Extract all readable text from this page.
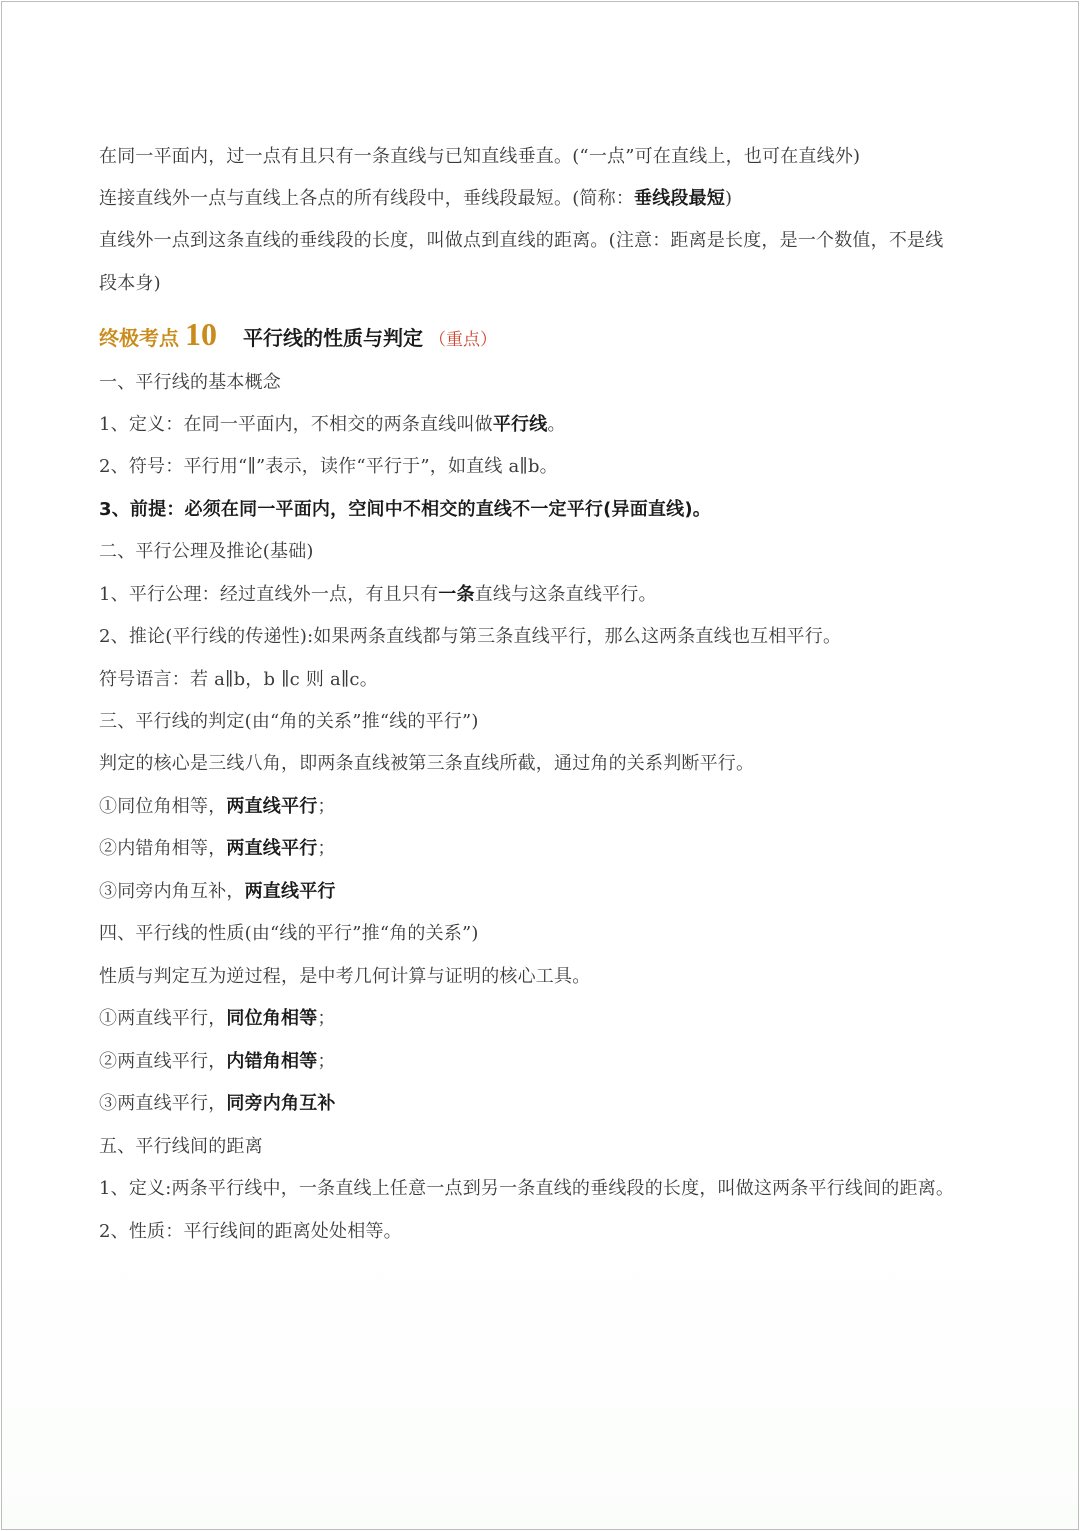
在同一平面内，过一点有且只有一条直线与已知直线垂直。(“一点”可在直线上，也可在直线外)
连接直线外一点与直线上各点的所有线段中，垂线段最短。(简称：垂线段最短)
直线外一点到这条直线的垂线段的长度，叫做点到直线的距离。(注意：距离是长度，是一个数值，不是线
段本身)
终极考点 10 平行线的性质与判定 （重点）
一、平行线的基本概念
1、定义：在同一平面内，不相交的两条直线叫做平行线。
2、符号：平行用“∥”表示，读作“平行于”，如直线 a∥b。
3、前提：必须在同一平面内，空间中不相交的直线不一定平行(异面直线)。
二、平行公理及推论(基础)
1、平行公理：经过直线外一点，有且只有一条直线与这条直线平行。
2、推论(平行线的传递性):如果两条直线都与第三条直线平行，那么这两条直线也互相平行。
符号语言：若 a∥b，b ∥c 则 a∥c。
三、平行线的判定(由“角的关系”推“线的平行”)
判定的核心是三线八角，即两条直线被第三条直线所截，通过角的关系判断平行。
①同位角相等，两直线平行；
②内错角相等，两直线平行；
③同旁内角互补，两直线平行
四、平行线的性质(由“线的平行”推“角的关系”)
性质与判定互为逆过程，是中考几何计算与证明的核心工具。
①两直线平行，同位角相等；
②两直线平行，内错角相等；
③两直线平行，同旁内角互补
五、平行线间的距离
1、定义:两条平行线中，一条直线上任意一点到另一条直线的垂线段的长度，叫做这两条平行线间的距离。
2、性质：平行线间的距离处处相等。
